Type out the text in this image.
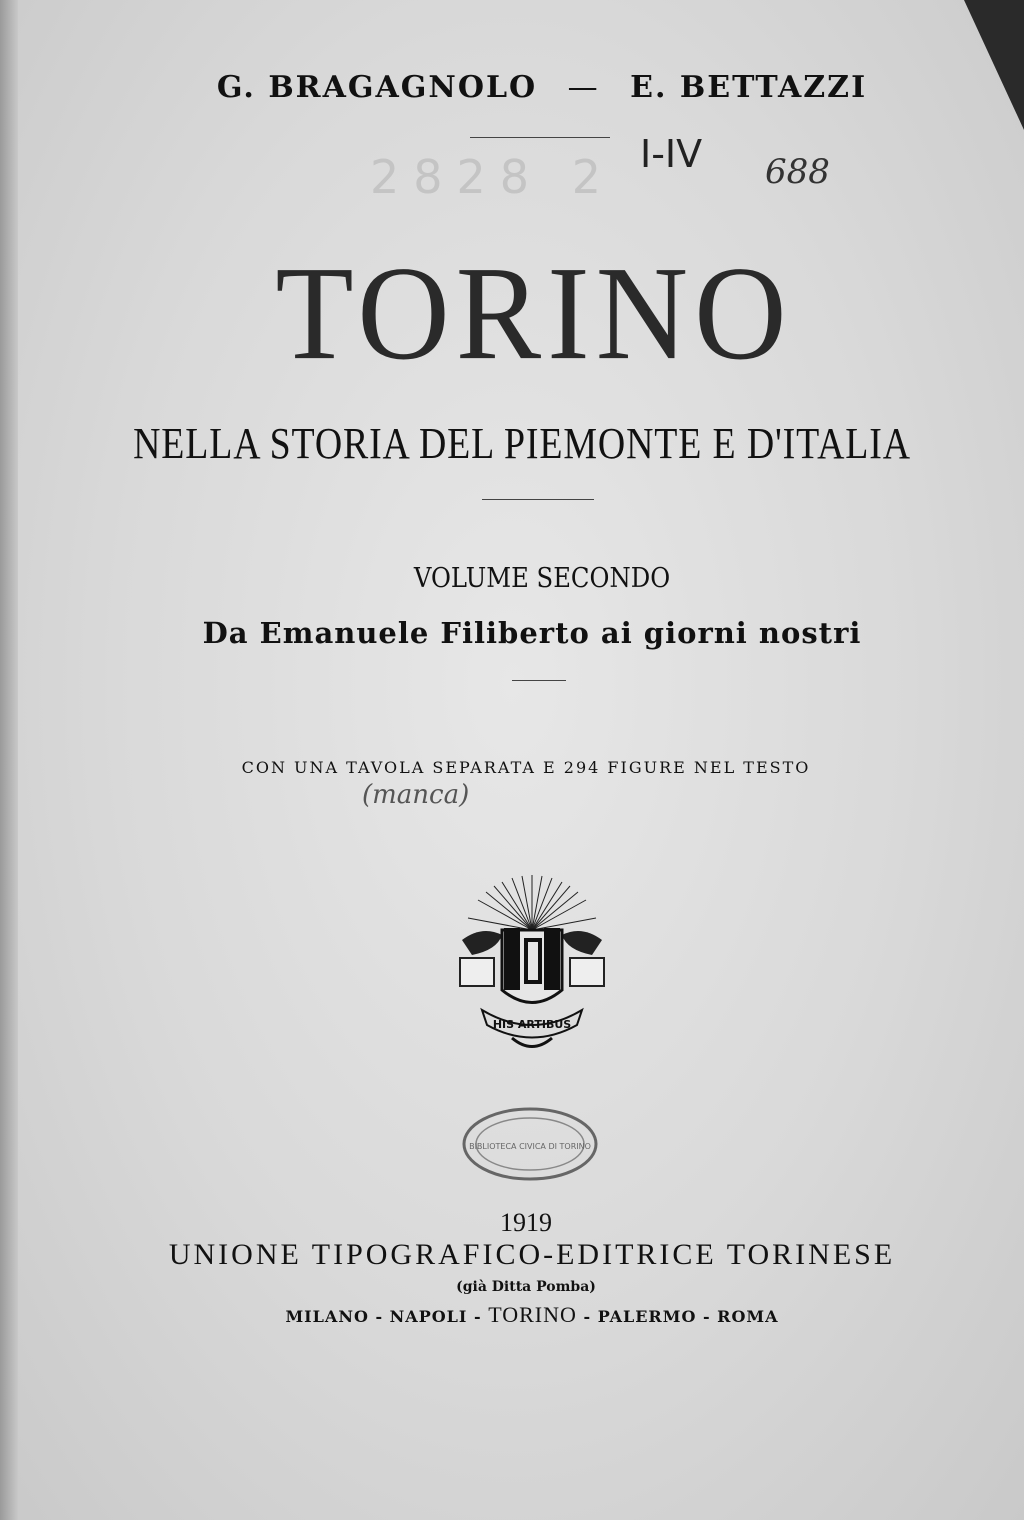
G. BRAGAGNOLO — E. BETTAZZI
2828 2 I-IV 688
TORINO
NELLA STORIA DEL PIEMONTE E D'ITALIA
VOLUME SECONDO
Da Emanuele Filiberto ai giorni nostri
CON UNA TAVOLA SEPARATA E 294 FIGURE NEL TESTO
(manca)
HIS ARTIBUS
BIBLIOTECA CIVICA DI TORINO
1919
UNIONE TIPOGRAFICO-EDITRICE TORINESE
(già Ditta Pomba)
MILANO - NAPOLI - TORINO - PALERMO - ROMA
